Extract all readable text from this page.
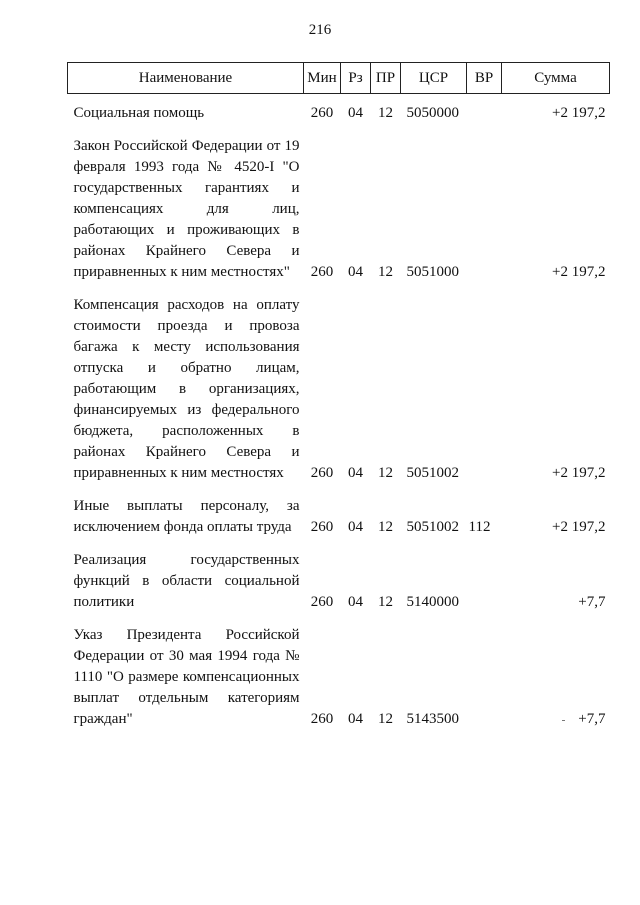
216
Наименование	Мин	Рз	ПР	ЦСР	ВР	Сумма
Социальная помощь	260	04	12	5050000		+2 197,2
Закон Российской Федерации от 19 февраля 1993 года № 4520-I "О государственных гарантиях и компенсациях для лиц, работающих и проживающих в районах Крайнего Севера и приравненных к ним местностях"	260	04	12	5051000		+2 197,2
Компенсация расходов на оплату стоимости проезда и провоза багажа к месту использования отпуска и обратно лицам, работающим в организациях, финансируемых из федерального бюджета, расположенных в районах Крайнего Севера и приравненных к ним местностях	260	04	12	5051002		+2 197,2
Иные выплаты персоналу, за исключением фонда оплаты труда	260	04	12	5051002	112	+2 197,2
Реализация государственных функций в области социальной политики	260	04	12	5140000		+7,7
Указ Президента Российской Федерации от 30 мая 1994 года № 1110 "О размере компенсационных выплат отдельным категориям граждан"	260	04	12	5143500		+7,7
